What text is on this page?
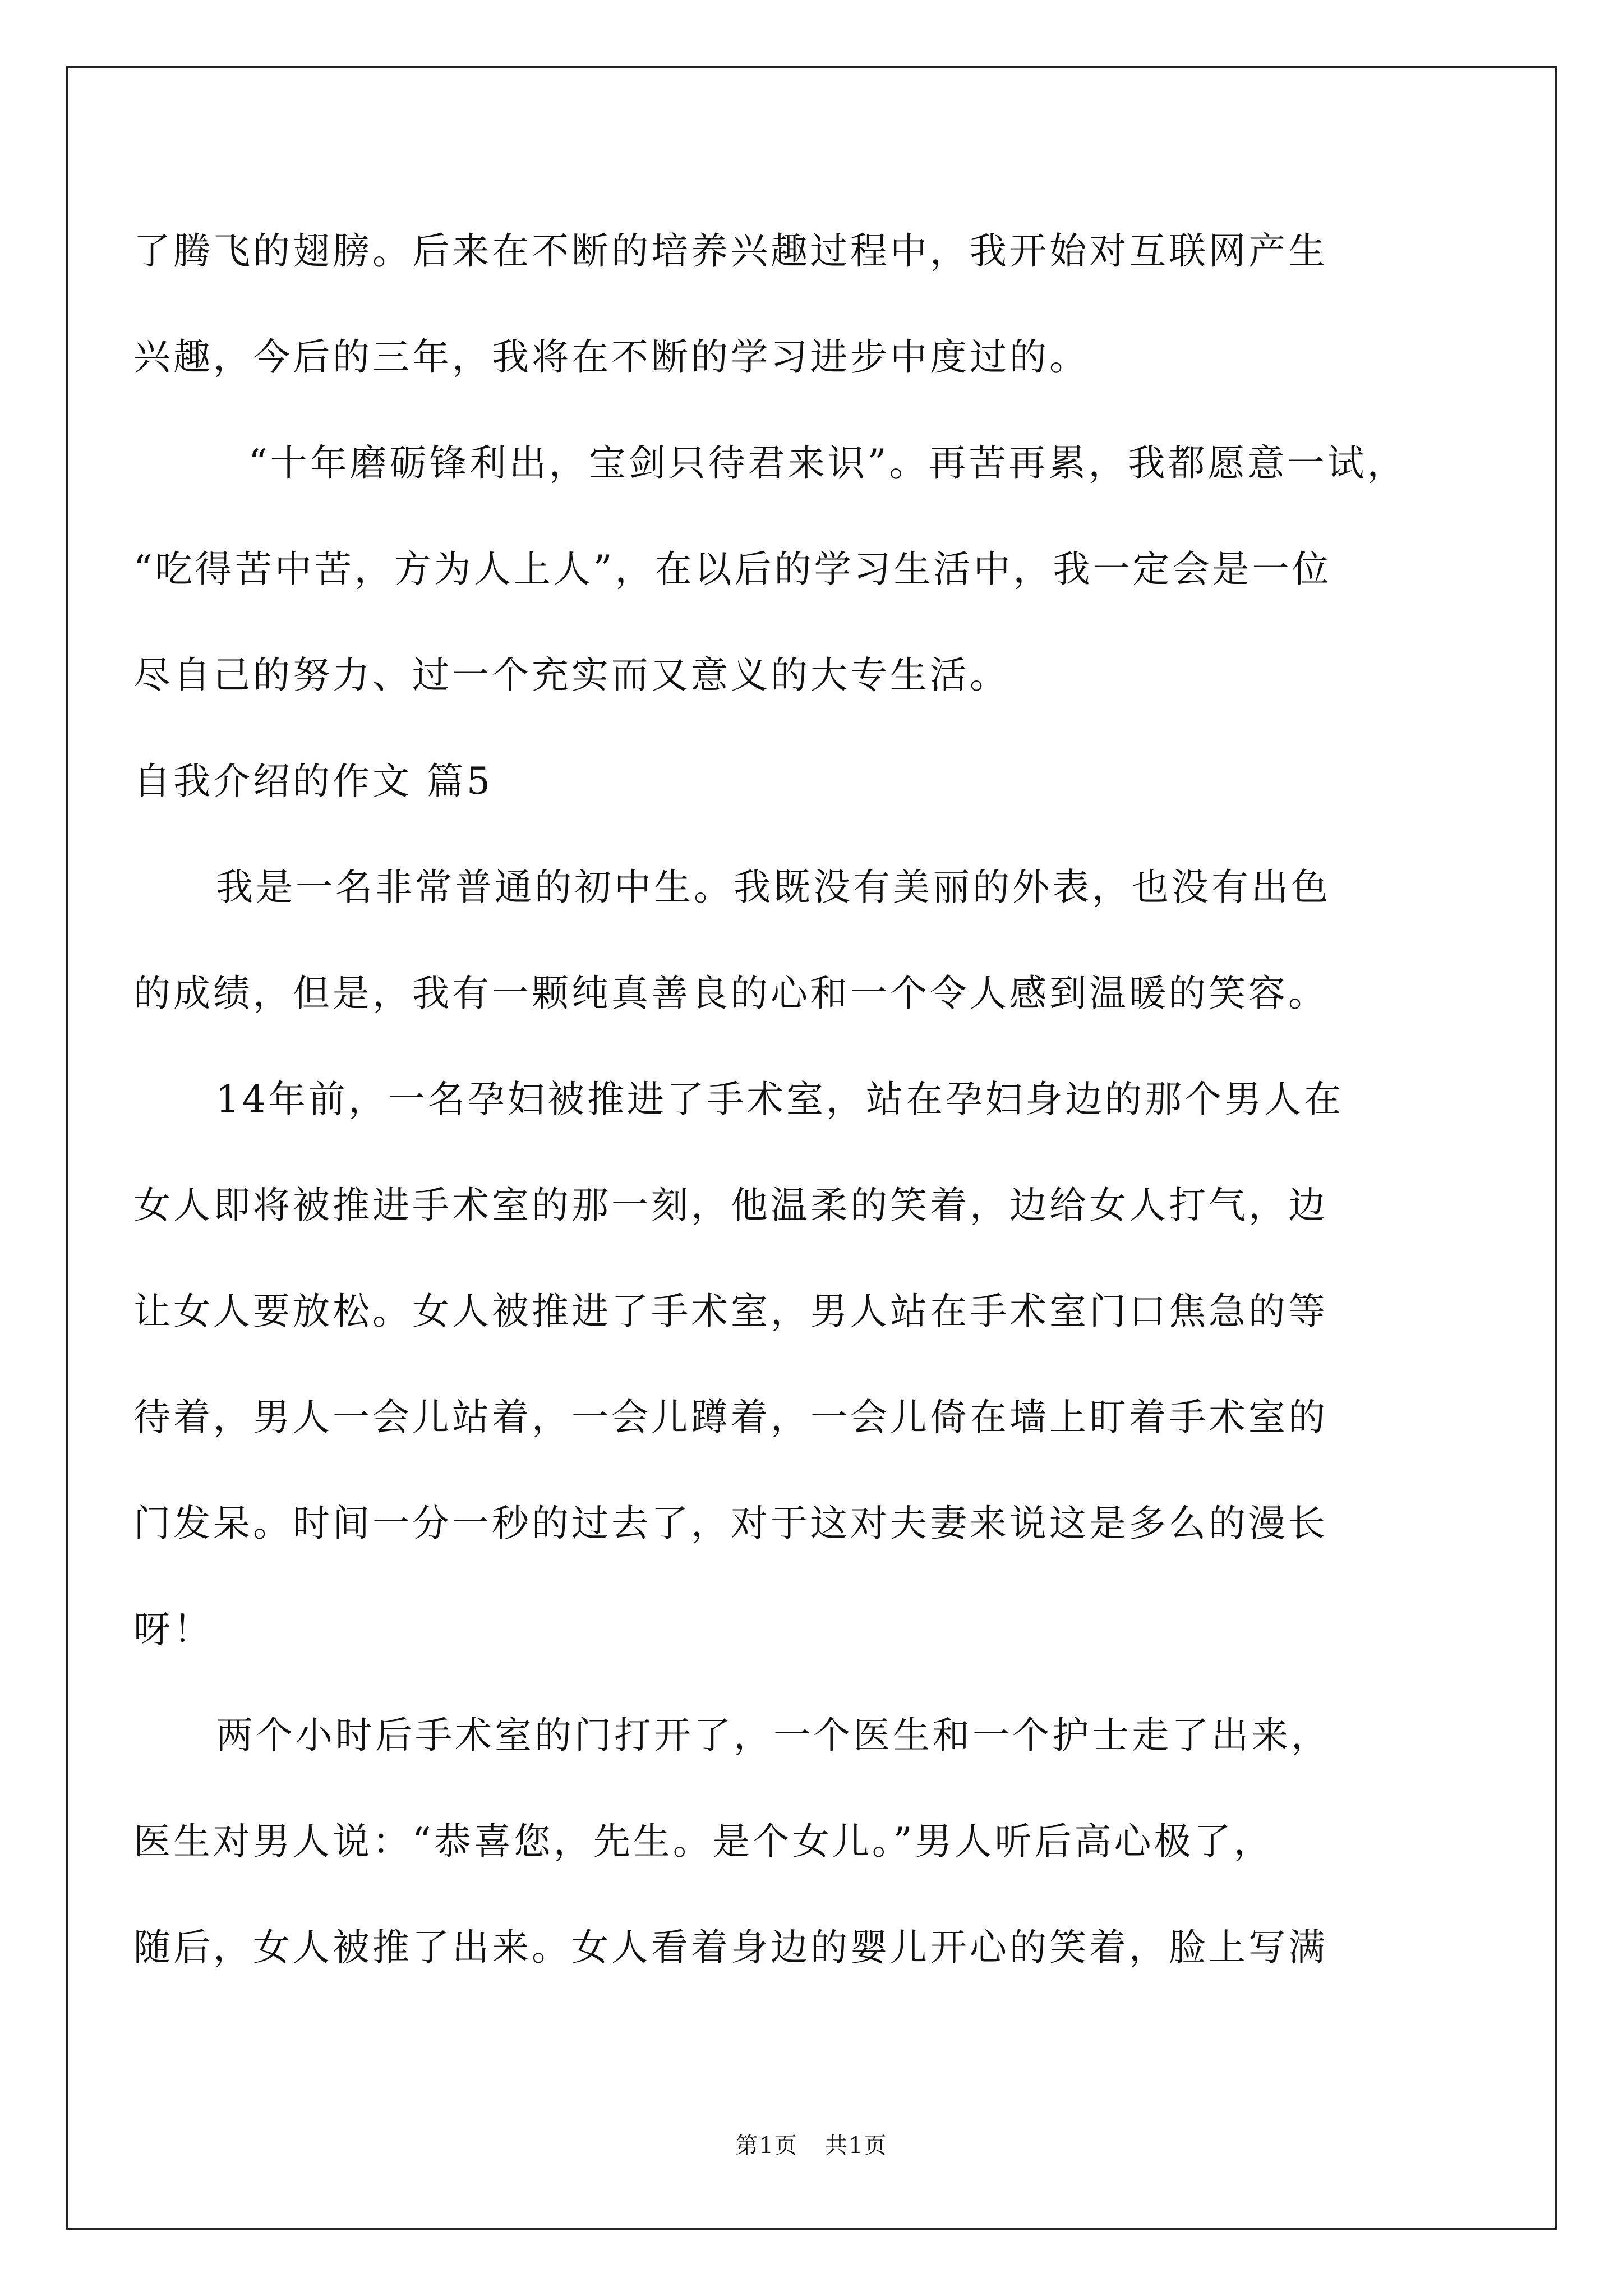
了腾飞的翅膀。后来在不断的培养兴趣过程中，我开始对互联网产生
兴趣，今后的三年，我将在不断的学习进步中度过的。
“十年磨砺锋利出，宝剑只待君来识”。再苦再累，我都愿意一试，
“吃得苦中苦，方为人上人”，在以后的学习生活中，我一定会是一位
尽自己的努力、过一个充实而又意义的大专生活。
自我介绍的作文 篇5
我是一名非常普通的初中生。我既没有美丽的外表，也没有出色
的成绩，但是，我有一颗纯真善良的心和一个令人感到温暖的笑容。
14年前，一名孕妇被推进了手术室，站在孕妇身边的那个男人在
女人即将被推进手术室的那一刻，他温柔的笑着，边给女人打气，边
让女人要放松。女人被推进了手术室，男人站在手术室门口焦急的等
待着，男人一会儿站着，一会儿蹲着，一会儿倚在墙上盯着手术室的
门发呆。时间一分一秒的过去了，对于这对夫妻来说这是多么的漫长
呀！
两个小时后手术室的门打开了，一个医生和一个护士走了出来，
医生对男人说：“恭喜您，先生。是个女儿。”男人听后高心极了，
随后，女人被推了出来。女人看着身边的婴儿开心的笑着，脸上写满
第1页 共1页
